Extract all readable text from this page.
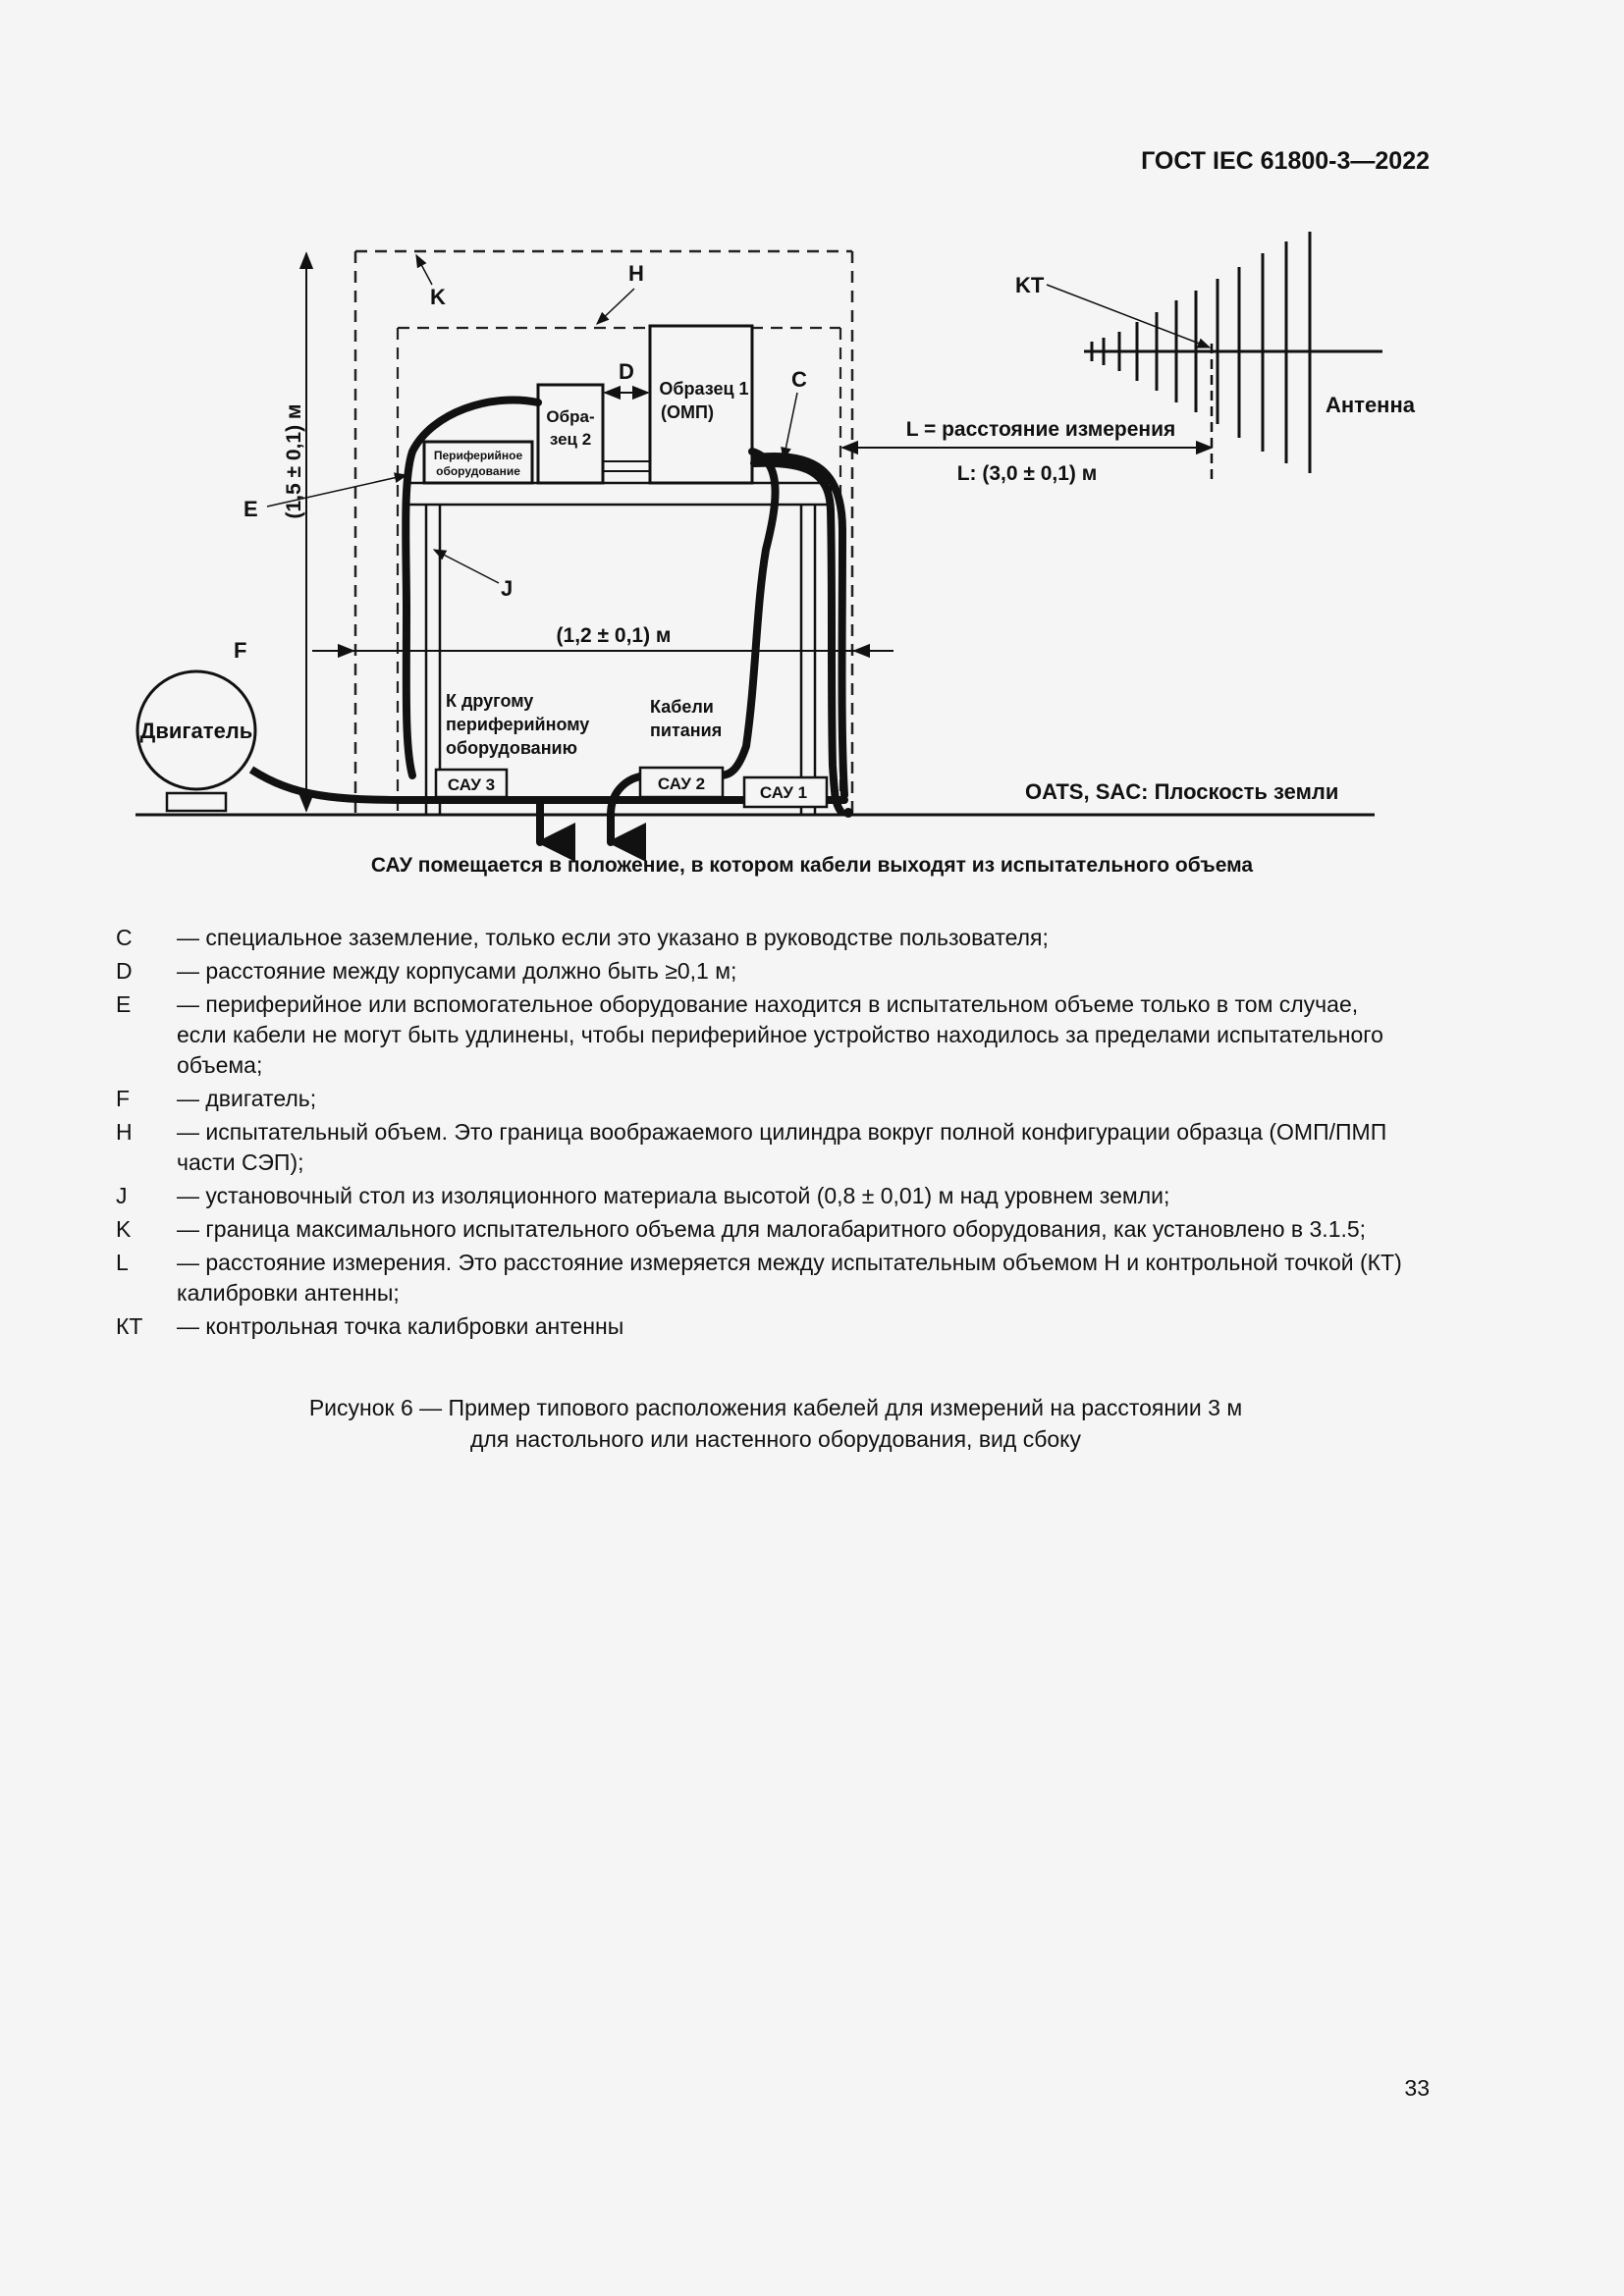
ГОСТ IEC 61800-3—2022
(1,5 ± 0,1) м
(1,2 ± 0,1) м
Периферийное
оборудование
Обра-
зец 2
D
Образец 1
(ОМП)
САУ 3	САУ 2	САУ 1
Двигатель
OATS, SAC: Плоскость земли
L = расстояние измерения
L: (3,0 ± 0,1) м
Антенна
KT
K
H
C
E
J
F
К другому
периферийному
оборудованию
Кабели
питания
САУ помещается в положение, в котором кабели выходят из испытательного объема
C	— специальное заземление, только если это указано в руководстве пользователя;
D	— расстояние между корпусами должно быть ≥0,1 м;
E	— периферийное или вспомогательное оборудование находится в испытательном объеме только в том случае, если кабели не могут быть удлинены, чтобы периферийное устройство находилось за пределами испытательного объема;
F	— двигатель;
H	— испытательный объем. Это граница воображаемого цилиндра вокруг полной конфигурации образца (ОМП/ПМП части СЭП);
J	— установочный стол из изоляционного материала высотой (0,8 ± 0,01) м над уровнем земли;
K	— граница максимального испытательного объема для малогабаритного оборудования, как установлено в 3.1.5;
L	— расстояние измерения. Это расстояние измеряется между испытательным объемом H и контрольной точкой (КТ) калибровки антенны;
КТ	— контрольная точка калибровки антенны
Рисунок 6 — Пример типового расположения кабелей для измерений на расстоянии 3 м
для настольного или настенного оборудования, вид сбоку
33
